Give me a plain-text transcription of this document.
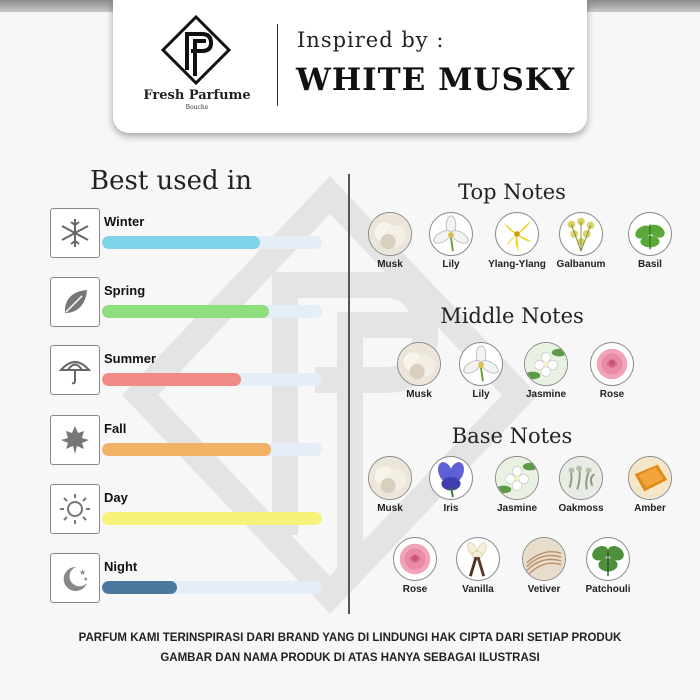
Fresh Parfume
Bouche
Inspired by :
WHITE MUSKY
Best used in
Winter
Spring
Summer
Fall
Day
★
★
Night
Top Notes
Middle Notes
Base Notes
Musk	Lily	Ylang-Ylang	Galbanum	Basil
Musk	Lily	Jasmine	Rose
Musk	Iris	Jasmine	Oakmoss	Amber
Rose	Vanilla	Vetiver	Patchouli
PARFUM KAMI TERINSPIRASI DARI BRAND YANG DI LINDUNGI HAK CIPTA DARI SETIAP PRODUK
GAMBAR DAN NAMA PRODUK DI ATAS HANYA SEBAGAI ILUSTRASI
